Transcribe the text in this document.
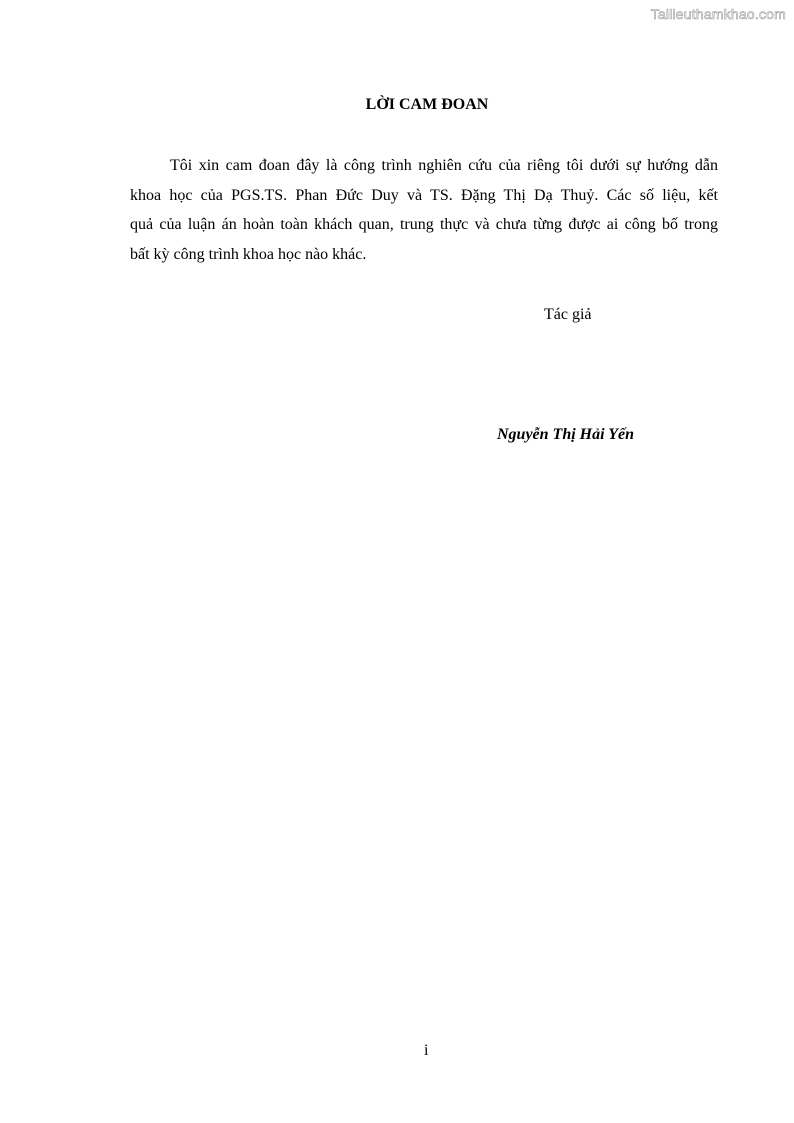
Tailieuthamkhao.com
LỜI CAM ĐOAN
Tôi xin cam đoan đây là công trình nghiên cứu của riêng tôi dưới sự hướng dẫn
khoa học của PGS.TS. Phan Đức Duy và TS. Đặng Thị Dạ Thuỷ. Các số liệu, kết
quả của luận án hoàn toàn khách quan, trung thực và chưa từng được ai công bố trong
bất kỳ công trình khoa học nào khác.
Tác giả
Nguyễn Thị Hải Yến
i
